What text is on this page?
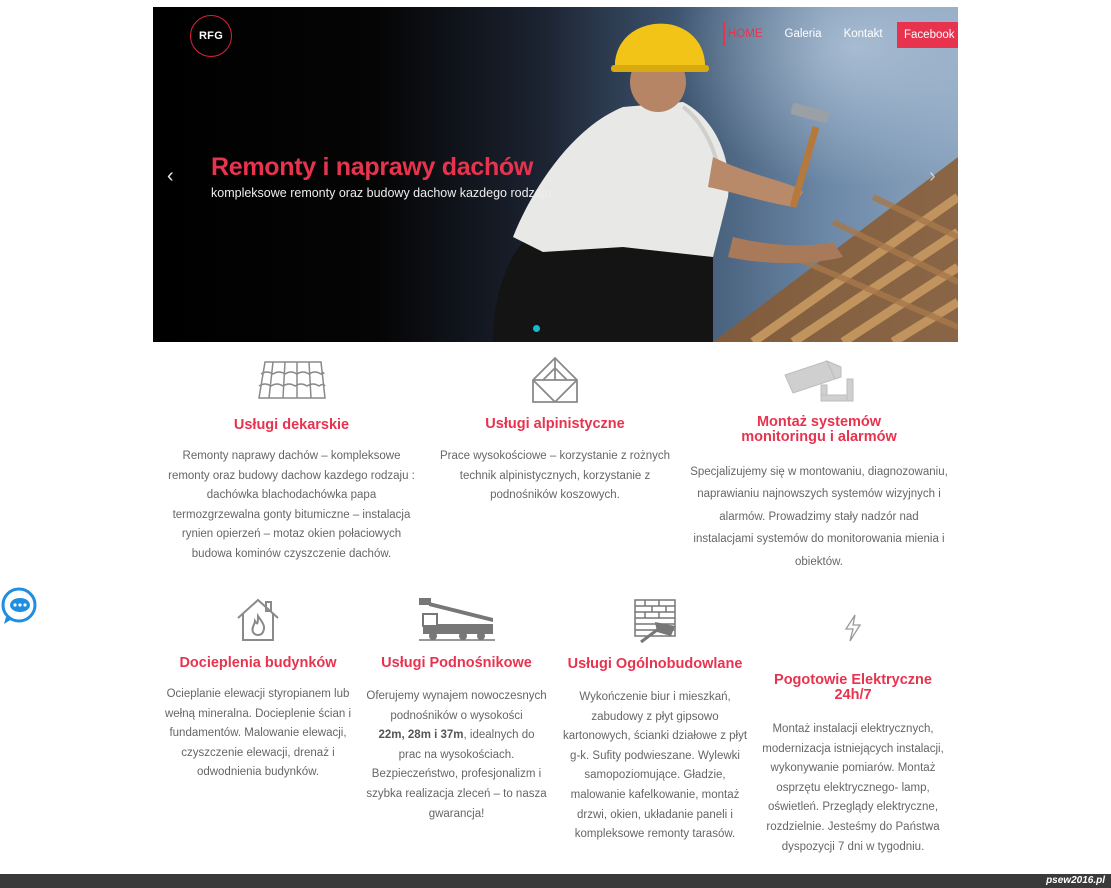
RFG	HOME Galeria Kontakt	Facebook
‹	›
Remonty i naprawy dachów
kompleksowe remonty oraz budowy dachow kazdego rodzaju
Usługi dekarskie

Remonty naprawy dachów – kompleksowe

remonty oraz budowy dachow kazdego rodzaju :

dachówka blachodachówka papa

termozgrzewalna gonty bitumiczne – instalacja

rynien opierzeń – motaz okien połaciowych

budowa kominów czyszczenie dachów.

Usługi alpinistyczne

Prace wysokościowe – korzystanie z rożnych

technik alpinistycznych, korzystanie z

podnośników koszowych.

Montaż systemów
monitoringu i alarmów

Specjalizujemy się w montowaniu, diagnozowaniu,

naprawianiu najnowszych systemów wizyjnych i

alarmów. Prowadzimy stały nadzór nad

instalacjami systemów do monitorowania mienia i

obiektów.

Docieplenia budynków

Ocieplanie elewacji styropianem lub

wełną mineralna. Docieplenie ścian i

fundamentów. Malowanie elewacji,

czyszczenie elewacji, drenaż i

odwodnienia budynków.

Usługi Podnośnikowe

Oferujemy wynajem nowoczesnych

podnośników o wysokości

22m, 28m i 37m, idealnych do

prac na wysokościach.

Bezpieczeństwo, profesjonalizm i

szybka realizacja zleceń – to nasza

gwarancja!

Usługi Ogólnobudowlane

Wykończenie biur i mieszkań,

zabudowy z płyt gipsowo

kartonowych, ścianki działowe z płyt

g-k. Sufity podwieszane. Wylewki

samopoziomujące. Gładzie,

malowanie kafelkowanie, montaż

drzwi, okien, układanie paneli i

kompleksowe remonty tarasów.

Pogotowie Elektryczne
24h/7

Montaż instalacji elektrycznych,

modernizacja istniejących instalacji,

wykonywanie pomiarów. Montaż

osprzętu elektrycznego- lamp,

oświetleń. Przeglądy elektryczne,

rozdzielnie. Jesteśmy do Państwa

dyspozycji 7 dni w tygodniu.

psew2016.pl
